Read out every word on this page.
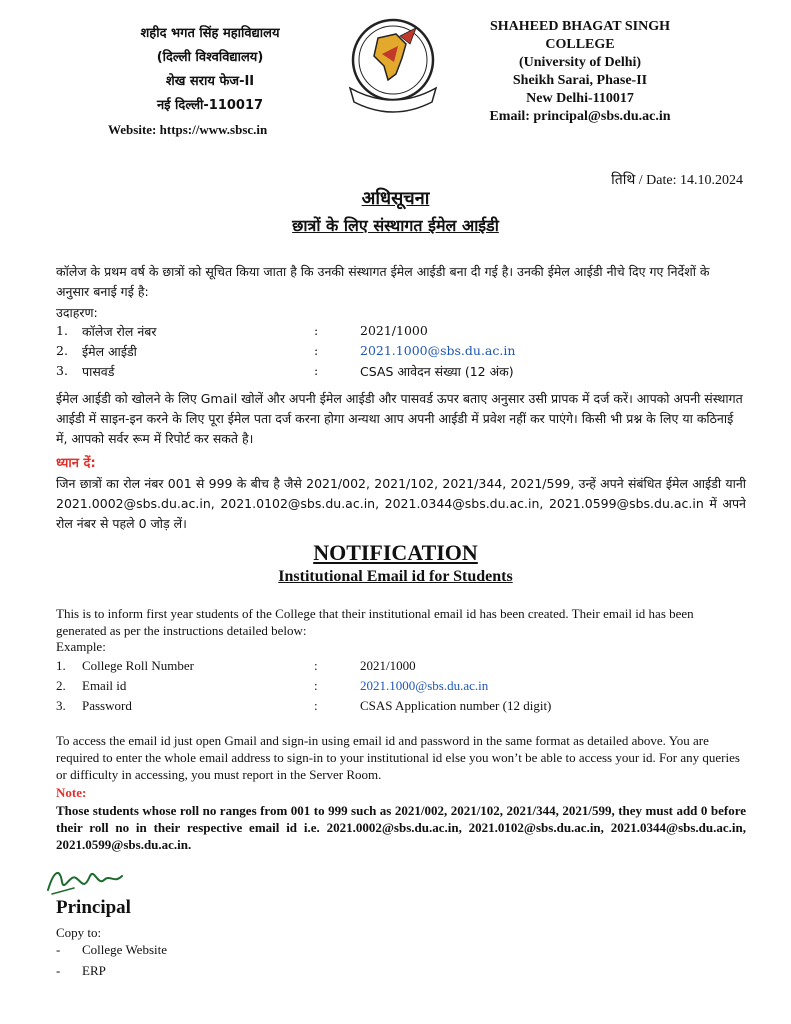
शहीद भगत सिंह महाविद्यालय
(दिल्ली विश्वविद्यालय)
शेख सराय फेज-II
नई दिल्ली-110017
Website: https://www.sbsc.in
SHAHEED BHAGAT SINGH COLLEGE
(University of Delhi)
Sheikh Sarai, Phase-II
New Delhi-110017
Email: principal@sbs.du.ac.in
तिथि / Date: 14.10.2024
अधिसूचना
छात्रों के लिए संस्थागत ईमेल आईडी
कॉलेज के प्रथम वर्ष के छात्रों को सूचित किया जाता है कि उनकी संस्थागत ईमेल आईडी बना दी गई है। उनकी ईमेल आईडी नीचे दिए गए निर्देशों के अनुसार बनाई गई है:
उदाहरण:
1. कॉलेज रोल नंबर	:	2021/1000
2. ईमेल आईडी	:	2021.1000@sbs.du.ac.in
3. पासवर्ड	:	CSAS आवेदन संख्या (12 अंक)
ईमेल आईडी को खोलने के लिए Gmail खोलें और अपनी ईमेल आईडी और पासवर्ड ऊपर बताए अनुसार उसी प्रापक में दर्ज करें। आपको अपनी संस्थागत आईडी में साइन-इन करने के लिए पूरा ईमेल पता दर्ज करना होगा अन्यथा आप अपनी आईडी में प्रवेश नहीं कर पाएंगे। किसी भी प्रश्न के लिए या कठिनाई में, आपको सर्वर रूम में रिपोर्ट कर सकते है।
ध्यान दें:
जिन छात्रों का रोल नंबर 001 से 999 के बीच है जैसे 2021/002, 2021/102, 2021/344, 2021/599, उन्हें अपने संबंधित ईमेल आईडी यानी 2021.0002@sbs.du.ac.in, 2021.0102@sbs.du.ac.in, 2021.0344@sbs.du.ac.in, 2021.0599@sbs.du.ac.in में अपने रोल नंबर से पहले 0 जोड़ लें।
NOTIFICATION
Institutional Email id for Students
This is to inform first year students of the College that their institutional email id has been created. Their email id has been generated as per the instructions detailed below:
Example:
1. College Roll Number	:	2021/1000
2. Email id	:	2021.1000@sbs.du.ac.in
3. Password	:	CSAS Application number (12 digit)
To access the email id just open Gmail and sign-in using email id and password in the same format as detailed above. You are required to enter the whole email address to sign-in to your institutional id else you won’t be able to access your id. For any queries or difficulty in accessing, you must report in the Server Room.
Note:
Those students whose roll no ranges from 001 to 999 such as 2021/002, 2021/102, 2021/344, 2021/599, they must add 0 before their roll no in their respective email id i.e. 2021.0002@sbs.du.ac.in, 2021.0102@sbs.du.ac.in, 2021.0344@sbs.du.ac.in, 2021.0599@sbs.du.ac.in.
Principal
Copy to:
- College Website
- ERP
